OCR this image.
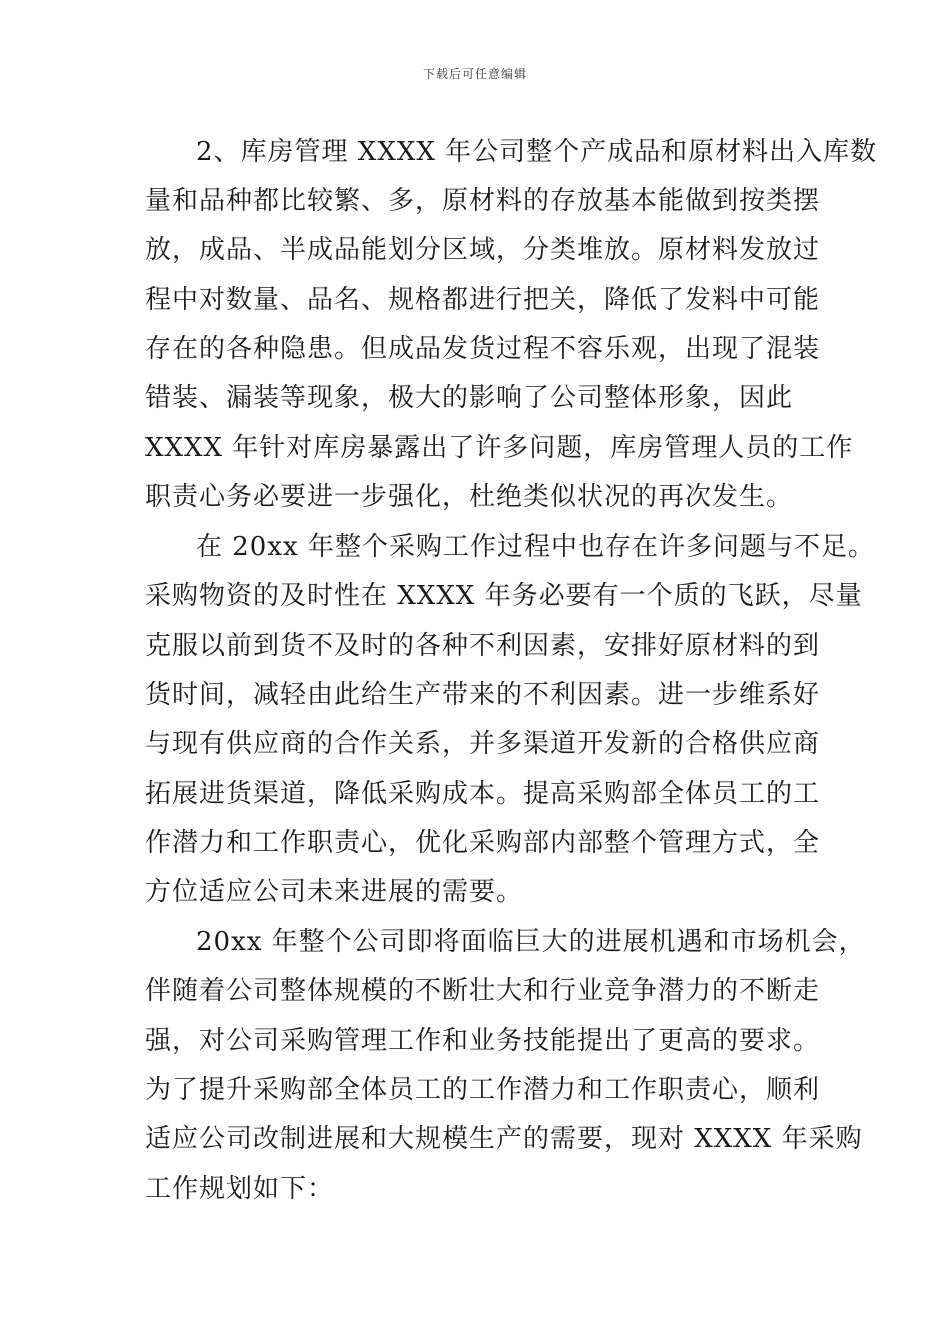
下载后可任意编辑
2、库房管理 XXXX 年公司整个产成品和原材料出入库数
量和品种都比较繁、多，原材料的存放基本能做到按类摆
放，成品、半成品能划分区域，分类堆放。原材料发放过
程中对数量、品名、规格都进行把关，降低了发料中可能
存在的各种隐患。但成品发货过程不容乐观，出现了混装
错装、漏装等现象，极大的影响了公司整体形象，因此
XXXX 年针对库房暴露出了许多问题，库房管理人员的工作
职责心务必要进一步强化，杜绝类似状况的再次发生。
在 20xx 年整个采购工作过程中也存在许多问题与不足。
采购物资的及时性在 XXXX 年务必要有一个质的飞跃，尽量
克服以前到货不及时的各种不利因素，安排好原材料的到
货时间，减轻由此给生产带来的不利因素。进一步维系好
与现有供应商的合作关系，并多渠道开发新的合格供应商
拓展进货渠道，降低采购成本。提高采购部全体员工的工
作潜力和工作职责心，优化采购部内部整个管理方式，全
方位适应公司未来进展的需要。
20xx 年整个公司即将面临巨大的进展机遇和市场机会，
伴随着公司整体规模的不断壮大和行业竞争潜力的不断走
强，对公司采购管理工作和业务技能提出了更高的要求。
为了提升采购部全体员工的工作潜力和工作职责心，顺利
适应公司改制进展和大规模生产的需要，现对 XXXX 年采购
工作规划如下：
